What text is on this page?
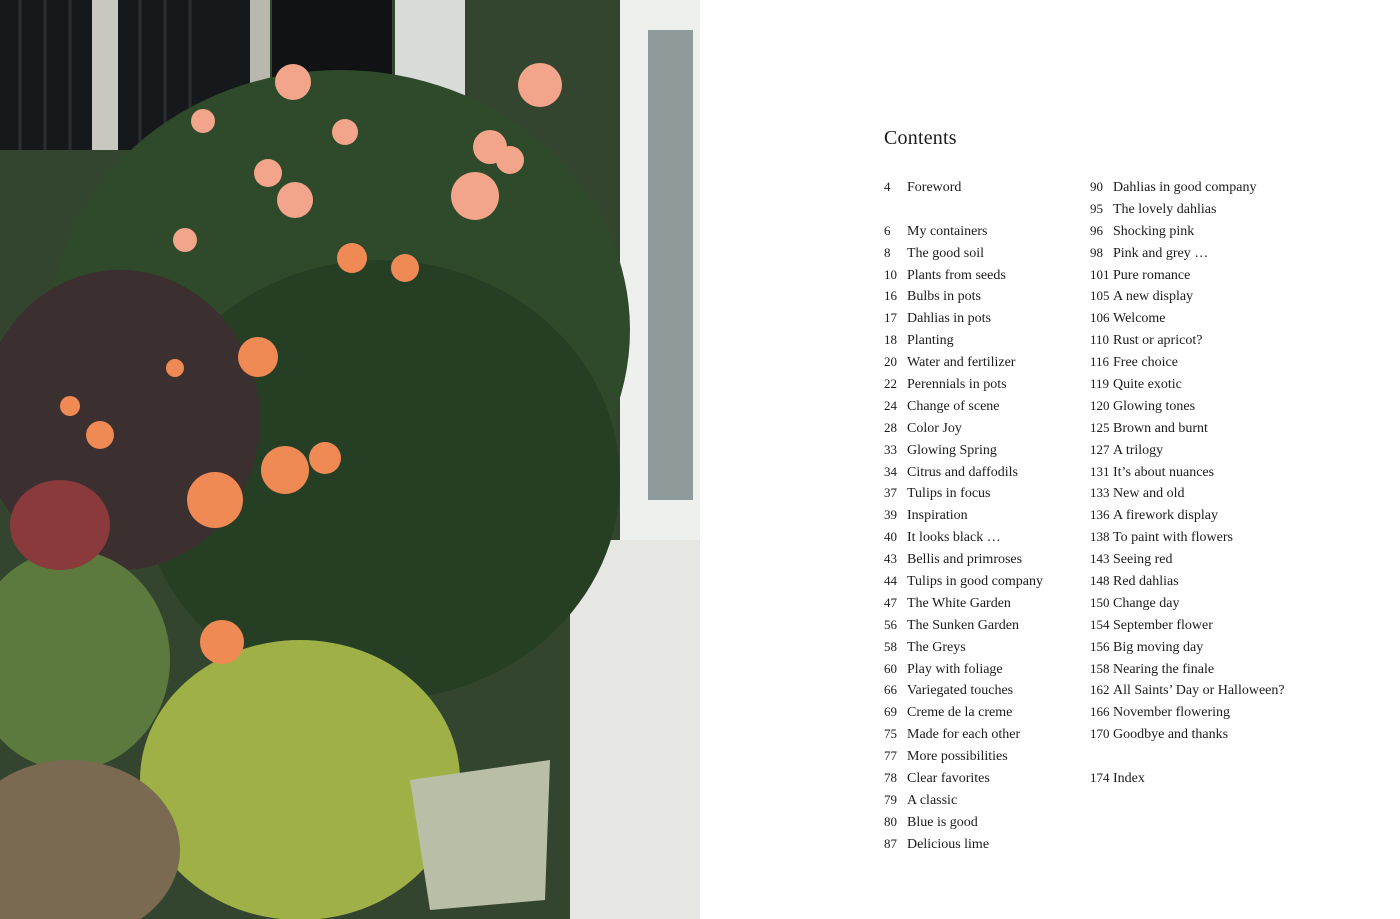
Contents
4 Foreword
6 My containers
8 The good soil
10 Plants from seeds
16 Bulbs in pots
17 Dahlias in pots
18 Planting
20 Water and fertilizer
22 Perennials in pots
24 Change of scene
28 Color Joy
33 Glowing Spring
34 Citrus and daffodils
37 Tulips in focus
39 Inspiration
40 It looks black …
43 Bellis and primroses
44 Tulips in good company
47 The White Garden
56 The Sunken Garden
58 The Greys
60 Play with foliage
66 Variegated touches
69 Creme de la creme
75 Made for each other
77 More possibilities
78 Clear favorites
79 A classic
80 Blue is good
87 Delicious lime
90 Dahlias in good company
95 The lovely dahlias
96 Shocking pink
98 Pink and grey …
101 Pure romance
105 A new display
106 Welcome
110 Rust or apricot?
116 Free choice
119 Quite exotic
120 Glowing tones
125 Brown and burnt
127 A trilogy
131 It’s about nuances
133 New and old
136 A firework display
138 To paint with flowers
143 Seeing red
148 Red dahlias
150 Change day
154 September flower
156 Big moving day
158 Nearing the finale
162 All Saints’ Day or Halloween?
166 November flowering
170 Goodbye and thanks
174 Index
